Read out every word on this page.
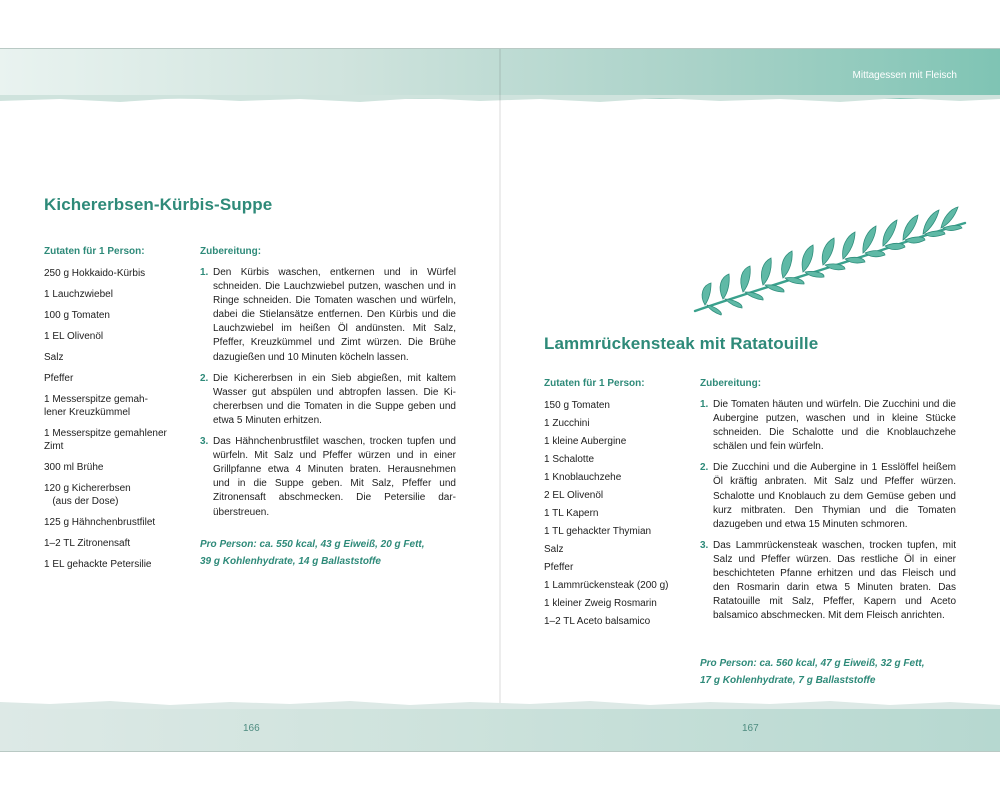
Mittagessen mit Fleisch
Kichererbsen-Kürbis-Suppe
Zutaten für 1 Person:
250 g Hokkaido-Kürbis
1 Lauchzwiebel
100 g Tomaten
1 EL Olivenöl
Salz
Pfeffer
1 Messerspitze gemah-
lener Kreuzkümmel
1 Messerspitze gemahlener
Zimt
300 ml Brühe
120 g Kichererbsen
(aus der Dose)
125 g Hähnchenbrustfilet
1–2 TL Zitronensaft
1 EL gehackte Petersilie
Zubereitung:
1. Den Kürbis waschen, entkernen und in Würfel schneiden. Die Lauchzwiebel putzen, waschen und in Ringe schneiden. Die Tomaten waschen und würfeln, dabei die Stielansätze entfernen. Den Kürbis und die Lauchzwiebel im heißen Öl andünsten. Mit Salz, Pfeffer, Kreuzkümmel und Zimt würzen. Die Brühe dazugießen und 10 Minuten köcheln lassen.
2. Die Kichererbsen in ein Sieb abgießen, mit kaltem Wasser gut abspülen und abtropfen lassen. Die Kichererbsen und die Tomaten in die Suppe geben und etwa 5 Minuten erhitzen.
3. Das Hähnchenbrustfilet waschen, trocken tupfen und würfeln. Mit Salz und Pfeffer würzen und in einer Grillpfanne etwa 4 Minuten braten. Herausnehmen und in die Suppe geben. Mit Salz, Pfeffer und Zitronensaft abschmecken. Die Petersilie darüberstreuen.
Pro Person: ca. 550 kcal, 43 g Eiweiß, 20 g Fett,
39 g Kohlenhydrate, 14 g Ballaststoffe
Lammrückensteak mit Ratatouille
Zutaten für 1 Person:
150 g Tomaten
1 Zucchini
1 kleine Aubergine
1 Schalotte
1 Knoblauchzehe
2 EL Olivenöl
1 TL Kapern
1 TL gehackter Thymian
Salz
Pfeffer
1 Lammrückensteak (200 g)
1 kleiner Zweig Rosmarin
1–2 TL Aceto balsamico
Zubereitung:
1. Die Tomaten häuten und würfeln. Die Zucchini und die Aubergine putzen, waschen und in kleine Stücke schneiden. Die Schalotte und die Knoblauchzehe schälen und fein würfeln.
2. Die Zucchini und die Aubergine in 1 Esslöffel heißem Öl kräftig anbraten. Mit Salz und Pfeffer würzen. Schalotte und Knoblauch zu dem Gemüse geben und kurz mitbraten. Den Thymian und die Tomaten dazugeben und etwa 15 Minuten schmoren.
3. Das Lammrückensteak waschen, trocken tupfen, mit Salz und Pfeffer würzen. Das restliche Öl in einer beschichteten Pfanne erhitzen und das Fleisch und den Rosmarin darin etwa 5 Minuten braten. Das Ratatouille mit Salz, Pfeffer, Kapern und Aceto balsamico abschmecken. Mit dem Fleisch anrichten.
Pro Person: ca. 560 kcal, 47 g Eiweiß, 32 g Fett,
17 g Kohlenhydrate, 7 g Ballaststoffe
166	167
